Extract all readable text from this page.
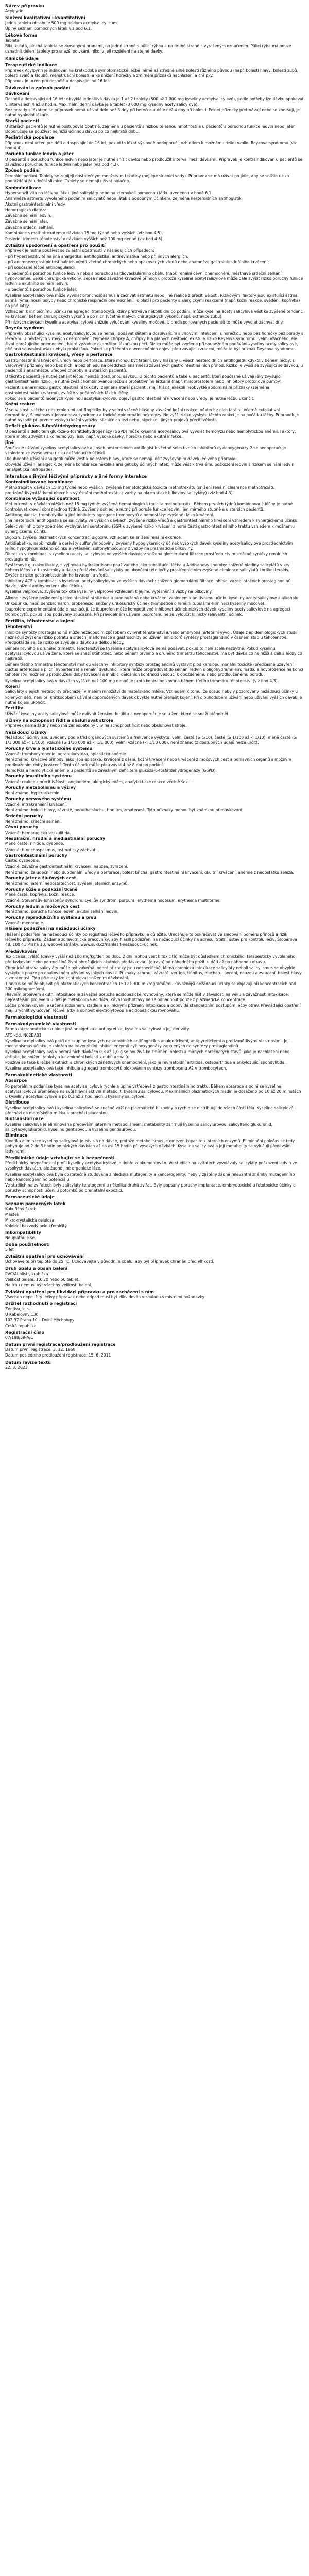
Název přípravku
Acylpyrin
Složení kvalitativní i kvantitativní
Jedna tableta obsahuje 500 mg acidum acetylsalicylicum.
Úplný seznam pomocných látek viz bod 6.1.
Léková forma
Tableta
Bílá, kulatá, plochá tableta se zkosenými hranami, na jedné straně s půlicí rýhou a na druhé straně s vyraženým označením. Půlicí rýha má pouze usnadnit dělení tablety pro snazší polykání, nikoliv její rozdělení na stejné dávky.
Klinické údaje
Terapeutické indikace
Přípravek Acylpyrin je indikován ke krátkodobé symptomatické léčbě mírné až středně silné bolesti různého původu (např. bolesti hlavy, bolesti zubů, bolesti svalů a kloubů, menstruační bolesti) a ke snížení horečky a zmírnění příznaků nachlazení a chřipky.
Přípravek je určen pro dospělé a dospívající od 16 let.
Dávkování a způsob podání
Dávkování
Dospělí a dospívající od 16 let: obvyklá jednotlivá dávka je 1 až 2 tablety (500 až 1 000 mg kyseliny acetylsalicylové), podle potřeby lze dávku opakovat v intervalech 4 až 8 hodin. Maximální denní dávka je 6 tablet (3 000 mg kyseliny acetylsalicylové).
Bez porady s lékařem se přípravek nemá užívat déle než 3 dny při horečce a déle než 4 dny při bolesti. Pokud příznaky přetrvávají nebo se zhoršují, je nutné vyhledat lékaře.
Starší pacienti
U starších pacientů je nutné postupovat opatrně, zejména u pacientů s nízkou tělesnou hmotností a u pacientů s poruchou funkce ledvin nebo jater. Doporučuje se používat nejnižší účinnou dávku po co nejkratší dobu.
Pediatrická populace
Přípravek není určen pro děti a dospívající do 16 let, pokud to lékař výslovně nedoporučí, vzhledem k možnému riziku vzniku Reyeova syndromu (viz bod 4.4).
Porucha funkce ledvin a jater
U pacientů s poruchou funkce ledvin nebo jater je nutné snížit dávku nebo prodloužit interval mezi dávkami. Přípravek je kontraindikován u pacientů se závažnou poruchou funkce ledvin nebo jater (viz bod 4.3).
Způsob podání
Perorální podání. Tablety se zapíjejí dostatečným množstvím tekutiny (nejlépe sklenicí vody). Přípravek se má užívat po jídle, aby se snížilo riziko podráždění žaludeční sliznice. Tablety se nemají užívat nalačno.
Kontraindikace
Hypersenzitivita na léčivou látku, jiné salicyláty nebo na kteroukoli pomocnou látku uvedenou v bodě 6.1.
Anamnéza astmatu vyvolaného podáním salicylátů nebo látek s podobným účinkem, zejména nesteroidních antiflogistik.
Akutní gastrointestinální vředy.
Hemoragická diatéza.
Závažné selhání ledvin.
Závažné selhání jater.
Závažné srdeční selhání.
Kombinace s methotrexátem v dávkách 15 mg týdně nebo vyšších (viz bod 4.5).
Poslední trimestr těhotenství v dávkách vyšších než 100 mg denně (viz bod 4.6).
Zvláštní upozornění a opatření pro použití
Přípravek je nutné používat se zvláštní opatrností v následujících případech:
- při hypersenzitivitě na jiná analgetika, antiflogistika, antirevmatika nebo při jiných alergiích;
- při anamnéze gastrointestinálních vředů včetně chronických nebo opakovaných vředů nebo anamnéze gastrointestinálního krvácení;
- při současné léčbě antikoagulancii;
- u pacientů s poruchou funkce ledvin nebo s poruchou kardiovaskulárního oběhu (např. renální cévní onemocnění, městnavé srdeční selhání, hypovolemie, velké chirurgické výkony, sepse nebo závažné krvácivé příhody), protože kyselina acetylsalicylová může dále zvýšit riziko poruchy funkce ledvin a akutního selhání ledvin;
- u pacientů s poruchou funkce jater.
Kyselina acetylsalicylová může vyvolat bronchospasmus a záchvat astmatu nebo jiné reakce z přecitlivělosti. Rizikovými faktory jsou existující astma, senná rýma, nosní polypy nebo chronické respirační onemocnění. To platí i pro pacienty s alergickými reakcemi (např. kožní reakce, svědění, kopřivka) na jiné látky.
Vzhledem k inhibičnímu účinku na agregaci trombocytů, který přetrvává několik dní po podání, může kyselina acetylsalicylová vést ke zvýšené tendenci ke krvácení během chirurgických výkonů a po nich (včetně malých chirurgických výkonů, např. extrakce zubu).
Při nízkých dávkách kyselina acetylsalicylová snižuje vylučování kyseliny močové. U predisponovaných pacientů to může vyvolat záchvat dny.
Reyeův syndrom
Přípravky obsahující kyselinu acetylsalicylovou se nemají podávat dětem a dospívajícím s virovými infekcemi s horečkou nebo bez horečky bez porady s lékařem. U některých virových onemocnění, zejména chřipky A, chřipky B a planých neštovic, existuje riziko Reyeova syndromu, velmi vzácného, ale život ohrožujícího onemocnění, které vyžaduje okamžitou lékařskou péči. Riziko může být zvýšeno při souběžném podávání kyseliny acetylsalicylové, příčinná souvislost však nebyla prokázána. Pokud se při těchto onemocněních objeví přetrvávající zvracení, může to být příznak Reyeova syndromu.
Gastrointestinální krvácení, vředy a perforace
Gastrointestinální krvácení, vředy nebo perforace, které mohou být fatální, byly hlášeny u všech nesteroidních antiflogistik kdykoliv během léčby, s varovnými příznaky nebo bez nich, a bez ohledu na předchozí anamnézu závažných gastrointestinálních příhod. Riziko je vyšší se zvyšující se dávkou, u pacientů s anamnézou vředové choroby a u starších pacientů.
U těchto pacientů je nutné zahájit léčbu nejnižší dostupnou dávkou. U těchto pacientů a také u pacientů, kteří současně užívají léky zvyšující gastrointestinální riziko, je nutné zvážit kombinovanou léčbu s protektivními látkami (např. misoprostolem nebo inhibitory protonové pumpy).
Pacienti s anamnézou gastrointestinální toxicity, zejména starší pacienti, mají hlásit jakékoli neobvyklé abdominální příznaky (zejména gastrointestinální krvácení), zvláště v počátečních fázích léčby.
Pokud se u pacientů léčených kyselinou acetylsalicylovou objeví gastrointestinální krvácení nebo vředy, je nutné léčbu ukončit.
Kožní reakce
V souvislosti s léčbou nesteroidními antiflogistiky byly velmi vzácně hlášeny závažné kožní reakce, některé z nich fatální, včetně exfoliativní dermatitidy, Stevensova-Johnsonova syndromu a toxické epidermální nekrolýzy. Nejvyšší riziko výskytu těchto reakcí je na počátku léčby. Přípravek je nutné vysadit při prvním výskytu kožní vyrážky, slizničních lézí nebo jakýchkoli jiných projevů přecitlivělosti.
Deficit glukóza-6-fosfátdehydrogenázy
U pacientů s deficitem glukóza-6-fosfátdehydrogenázy (G6PD) může kyselina acetylsalicylová vyvolat hemolýzu nebo hemolytickou anémii. Faktory, které mohou zvýšit riziko hemolýzy, jsou např. vysoké dávky, horečka nebo akutní infekce.
Jiné
Současné užívání kyseliny acetylsalicylové a jiných nesteroidních antiflogistik včetně selektivních inhibitorů cyklooxygenázy-2 se nedoporučuje vzhledem ke zvýšenému riziku nežádoucích účinků.
Dlouhodobé užívání analgetik může vést k bolestem hlavy, které se nemají léčit zvyšováním dávek léčivého přípravku.
Obvyklé užívání analgetik, zejména kombinace několika analgeticky účinných látek, může vést k trvalému poškození ledvin s rizikem selhání ledvin (analgetická nefropatie).
Interakce s jinými léčivými přípravky a jiné formy interakce
Kontraindikované kombinace
Methotrexát v dávkách 15 mg týdně nebo vyšších: zvýšená hematologická toxicita methotrexátu (snížení renální clearance methotrexátu protizánětlivými látkami obecně a vytěsnění methotrexátu z vazby na plazmatické bílkoviny salicyláty) (viz bod 4.3).
Kombinace vyžadující opatrnost
Methotrexát v dávkách nižších než 15 mg týdně: zvýšená hematologická toxicita methotrexátu. Během prvních týdnů kombinované léčby je nutné kontrolovat krevní obraz jednou týdně. Zvýšený dohled je nutný při poruše funkce ledvin i jen mírného stupně a u starších pacientů.
Antikoagulancia, trombolytika a jiné inhibitory agregace trombocytů a hemostázy: zvýšené riziko krvácení.
Jiná nesteroidní antiflogistika se salicyláty ve vyšších dávkách: zvýšené riziko vředů a gastrointestinálního krvácení vzhledem k synergickému účinku.
Selektivní inhibitory zpětného vychytávání serotoninu (SSRI): zvýšené riziko krvácení z horní části gastrointestinálního traktu vzhledem k možnému synergickému účinku.
Digoxin: zvýšení plazmatických koncentrací digoxinu vzhledem ke snížení renální exkrece.
Antidiabetika, např. inzulin a deriváty sulfonylmočoviny: zvýšený hypoglykemický účinek vysokých dávek kyseliny acetylsalicylové prostřednictvím jejího hypoglykemického účinku a vytěsnění sulfonylmočoviny z vazby na plazmatické bílkoviny.
Diuretika v kombinaci s kyselinou acetylsalicylovou ve vyšších dávkách: snížená glomerulární filtrace prostřednictvím snížené syntézy renálních prostaglandinů.
Systémové glukokortikoidy, s výjimkou hydrokortisonu používaného jako substituční léčba u Addisonovy choroby: snížené hladiny salicylátů v krvi během léčby kortikosteroidy a riziko předávkování salicyláty po ukončení této léčby prostřednictvím zvýšené eliminace salicylátů kortikosteroidy. Zvýšené riziko gastrointestinálního krvácení a vředů.
Inhibitory ACE v kombinaci s kyselinou acetylsalicylovou ve vyšších dávkách: snížená glomerulární filtrace inhibicí vazodilatačních prostaglandinů. Navíc snížení antihypertenzního účinku.
Kyselina valproová: zvýšená toxicita kyseliny valproové vzhledem k jejímu vytěsnění z vazby na bílkoviny.
Alkohol: zvýšené poškození gastrointestinální sliznice a prodloužená doba krvácení vzhledem k aditivnímu účinku kyseliny acetylsalicylové a alkoholu.
Urikosurika, např. benzbromaron, probenecid: snížený urikosurický účinek (kompetice o renální tubulární eliminaci kyseliny močové).
Ibuprofen: experimentální údaje naznačují, že ibuprofen může kompetitivně inhibovat účinek nízkých dávek kyseliny acetylsalicylové na agregaci trombocytů, pokud jsou podávány současně. Při pravidelném užívání ibuprofenu nelze vyloučit klinicky relevantní účinek.
Fertilita, těhotenství a kojení
Těhotenství
Inhibice syntézy prostaglandinů může nežádoucím způsobem ovlivnit těhotenství a/nebo embryonální/fetální vývoj. Údaje z epidemiologických studií naznačují zvýšené riziko potratu a srdeční malformace a gastroschízy po užívání inhibitorů syntézy prostaglandinů v časném stadiu těhotenství. Předpokládá se, že riziko se zvyšuje s dávkou a délkou léčby.
Během prvního a druhého trimestru těhotenství se kyselina acetylsalicylová nemá podávat, pokud to není zcela nezbytné. Pokud kyselinu acetylsalicylovou užívá žena, která se snaží otěhotnět, nebo během prvního a druhého trimestru těhotenství, má být dávka co nejnižší a délka léčby co nejkratší.
Během třetího trimestru těhotenství mohou všechny inhibitory syntézy prostaglandinů vystavit plod kardiopulmonální toxicitě (předčasné uzavření ductus arteriosus a plicní hypertenze) a renální dysfunkci, která může progredovat do selhání ledvin s oligohydramniem; matku a novorozence na konci těhotenství možnému prodloužení doby krvácení a inhibici děložních kontrakcí vedoucí k opožděnému nebo prodlouženému porodu.
Kyselina acetylsalicylová v dávkách vyšších než 100 mg denně je proto kontraindikována během třetího trimestru těhotenství (viz bod 4.3).
Kojení
Salicyláty a jejich metabolity přecházejí v malém množství do mateřského mléka. Vzhledem k tomu, že dosud nebyly pozorovány nežádoucí účinky u kojených dětí, není při krátkodobém užívání doporučených dávek obvykle nutné přerušit kojení. Při dlouhodobém užívání nebo užívání vyšších dávek je nutné kojení ukončit.
Fertilita
Užívání kyseliny acetylsalicylové může ovlivnit ženskou fertilitu a nedoporučuje se u žen, které se snaží otěhotnět.
Účinky na schopnost řídit a obsluhovat stroje
Přípravek nemá žádný nebo má zanedbatelný vliv na schopnost řídit nebo obsluhovat stroje.
Nežádoucí účinky
Nežádoucí účinky jsou uvedeny podle tříd orgánových systémů a frekvence výskytu: velmi časté (≥ 1/10), časté (≥ 1/100 až < 1/10), méně časté (≥ 1/1 000 až < 1/100), vzácné (≥ 1/10 000 až < 1/1 000), velmi vzácné (< 1/10 000), není známo (z dostupných údajů nelze určit).
Poruchy krve a lymfatického systému
Vzácné: trombocytopenie, agranulocytóza, aplastická anémie.
Není známo: krvácivé příhody, jako jsou epistaxe, krvácení z dásní, kožní krvácení nebo krvácení z močových cest a pohlavních orgánů s možným prodloužením doby krvácení. Tento účinek může přetrvávat 4 až 8 dní po podání.
Hemolýza a hemolytická anémie u pacientů se závažným deficitem glukóza-6-fosfátdehydrogenázy (G6PD).
Poruchy imunitního systému
Vzácné: reakce z přecitlivělosti, angioedém, alergický edém, anafylaktické reakce včetně šoku.
Poruchy metabolismu a výživy
Není známo: hyperurikemie.
Poruchy nervového systému
Vzácné: intrakraniální krvácení.
Není známo: bolest hlavy, závratě, porucha sluchu, tinnitus, zmatenost. Tyto příznaky mohou být známkou předávkování.
Srdeční poruchy
Není známo: srdeční selhání.
Cévní poruchy
Vzácné: hemoragická vaskulitida.
Respirační, hrudní a mediastinální poruchy
Méně časté: rinitida, dyspnoe.
Vzácné: bronchospasmus, astmatický záchvat.
Gastrointestinální poruchy
Časté: dyspepsie.
Vzácné: závažné gastrointestinální krvácení, nauzea, zvracení.
Není známo: žaludeční nebo duodenální vředy a perforace, bolest břicha, gastrointestinální krvácení, okultní krvácení, anémie z nedostatku železa.
Poruchy jater a žlučových cest
Není známo: jaterní nedostatečnost, zvýšení jaterních enzymů.
Poruchy kůže a podkožní tkáně
Méně časté: kopřivka, kožní reakce.
Vzácné: Stevensův-Johnsonův syndrom, Lyellův syndrom, purpura, erythema nodosum, erythema multiforme.
Poruchy ledvin a močových cest
Není známo: porucha funkce ledvin, akutní selhání ledvin.
Poruchy reprodukčního systému a prsu
Vzácné: menoragie.
Hlášení podezření na nežádoucí účinky
Hlášení podezření na nežádoucí účinky po registraci léčivého přípravku je důležité. Umožňuje to pokračovat ve sledování poměru přínosů a rizik léčivého přípravku. Žádáme zdravotnické pracovníky, aby hlásili podezření na nežádoucí účinky na adresu: Státní ústav pro kontrolu léčiv, Šrobárova 48, 100 41 Praha 10, webové stránky: www.sukl.cz/nahlasit-nezadouci-ucinek.
Předávkování
Toxicita salicylátů (dávky vyšší než 100 mg/kg/den po dobu 2 dní mohou vést k toxicitě) může být důsledkem chronického, terapeuticky vyvolaného předávkování nebo potenciálně život ohrožujících akutních předávkování (otrava) od náhodného požití u dětí až po náhodnou otravu.
Chronická otrava salicyláty může být zákeřná, neboť příznaky jsou nespecifické. Mírná chronická intoxikace salicyláty neboli salicylismus se obvykle vyskytuje pouze po opakovaném užívání vysokých dávek. Příznaky zahrnují závratě, vertigo, tinnitus, hluchotu, pocení, nauzeu a zvracení, bolest hlavy a zmatenost. Tyto příznaky lze kontrolovat snížením dávkování.
Tinnitus se může objevit při plazmatických koncentracích 150 až 300 mikrogramů/ml. Závažnější nežádoucí účinky se objevují při koncentracích nad 300 mikrogramů/ml.
Hlavním projevem akutní intoxikace je závažná porucha acidobazické rovnováhy, která se může lišit v závislosti na věku a závažnosti intoxikace; nejčastějším projevem u dětí je metabolická acidóza. Závažnost otravy nelze odhadnout pouze z plazmatické koncentrace.
Léčba předávkování je určena rozsahem, stadiem a klinickými příznaky intoxikace a odpovídá standardním postupům léčby otrav. Převládající opatření mají urychlit vylučování léčivé látky a obnovit elektrolytovou a acidobazickou rovnováhu.
Farmakologické vlastnosti
Farmakodynamické vlastnosti
Farmakoterapeutická skupina: jiná analgetika a antipyretika, kyselina salicylová a její deriváty.
ATC kód: N02BA01
Kyselina acetylsalicylová patří do skupiny kyselých nesteroidních antiflogistik s analgetickými, antipyretickými a protizánětlivými vlastnostmi. Její mechanismus účinku je založen na ireverzibilní inhibici enzymů cyklooxygenázy zapojených do syntézy prostaglandinů.
Kyselina acetylsalicylová v perorálních dávkách 0,3 až 1,0 g se používá ke zmírnění bolesti a mírných horečnatých stavů, jako je nachlazení nebo chřipka, ke snížení teploty a ke zmírnění bolesti kloubů a svalů.
Používá se také k léčbě akutních a chronických zánětlivých onemocnění, jako je revmatoidní artritida, osteoartritida a ankylozující spondylitida.
Kyselina acetylsalicylová také inhibuje agregaci trombocytů blokováním syntézy tromboxanu A2 v trombocytech.
Farmakokinetické vlastnosti
Absorpce
Po perorálním podání se kyselina acetylsalicylová rychle a úplně vstřebává z gastrointestinálního traktu. Během absorpce a po ní se kyselina acetylsalicylová přeměňuje na svůj hlavní aktivní metabolit, kyselinu salicylovou. Maximálních plazmatických hladin je dosaženo po 10 až 20 minutách u kyseliny acetylsalicylové a po 0,3 až 2 hodinách u kyseliny salicylové.
Distribuce
Kyselina acetylsalicylová i kyselina salicylová se značně váží na plazmatické bílkoviny a rychle se distribuují do všech částí těla. Kyselina salicylová přechází do mateřského mléka a prochází placentou.
Biotransformace
Kyselina salicylová je eliminována především jaterním metabolismem; metabolity zahrnují kyselinu salicylurovou, salicylfenolglukuronid, salicylacylglukuronid, kyselinu gentisovou a kyselinu gentisurovou.
Eliminace
Kinetika eliminace kyseliny salicylové je závislá na dávce, protože metabolismus je omezen kapacitou jaterních enzymů. Eliminační poločas se tedy pohybuje od 2 do 3 hodin po nízkých dávkách až po asi 15 hodin při vysokých dávkách. Kyselina salicylová a její metabolity se vylučují především ledvinami.
Předklinické údaje vztahující se k bezpečnosti
Předklinický bezpečnostní profil kyseliny acetylsalicylové je dobře zdokumentován. Ve studiích na zvířatech vyvolávaly salicyláty poškození ledvin ve vysokých dávkách, ale žádné jiné organické léze.
Kyselina acetylsalicylová byla dostatečně studována z hlediska mutagenity a kancerogenity; nebyly zjištěny žádné relevantní známky mutagenního nebo kancerogenního potenciálu.
Ve studiích na zvířatech byly salicyláty teratogenní u několika druhů zvířat. Byly popsány poruchy implantace, embryotoxické a fetotoxické účinky a poruchy schopnosti učení u potomků po prenatální expozici.
Farmaceutické údaje
Seznam pomocných látek
Kukuřičný škrob
Mastek
Mikrokrystalická celulosa
Koloidní bezvodý oxid křemičitý
Inkompatibility
Neuplatňuje se.
Doba použitelnosti
5 let
Zvláštní opatření pro uchovávání
Uchovávejte při teplotě do 25 °C. Uchovávejte v původním obalu, aby byl přípravek chráněn před vlhkostí.
Druh obalu a obsah balení
PVC/Al blistr, krabička.
Velikost balení: 10, 20 nebo 50 tablet.
Na trhu nemusí být všechny velikosti balení.
Zvláštní opatření pro likvidaci přípravku a pro zacházení s ním
Všechen nepoužitý léčivý přípravek nebo odpad musí být zlikvidován v souladu s místními požadavky.
Držitel rozhodnutí o registraci
Zentiva, k. s.
U Kabelovny 130
102 37 Praha 10 – Dolní Měcholupy
Česká republika
Registrační číslo
07/188/69-A/C
Datum první registrace/prodloužení registrace
Datum první registrace: 3. 12. 1969
Datum posledního prodloužení registrace: 15. 6. 2011
Datum revize textu
22. 3. 2023
